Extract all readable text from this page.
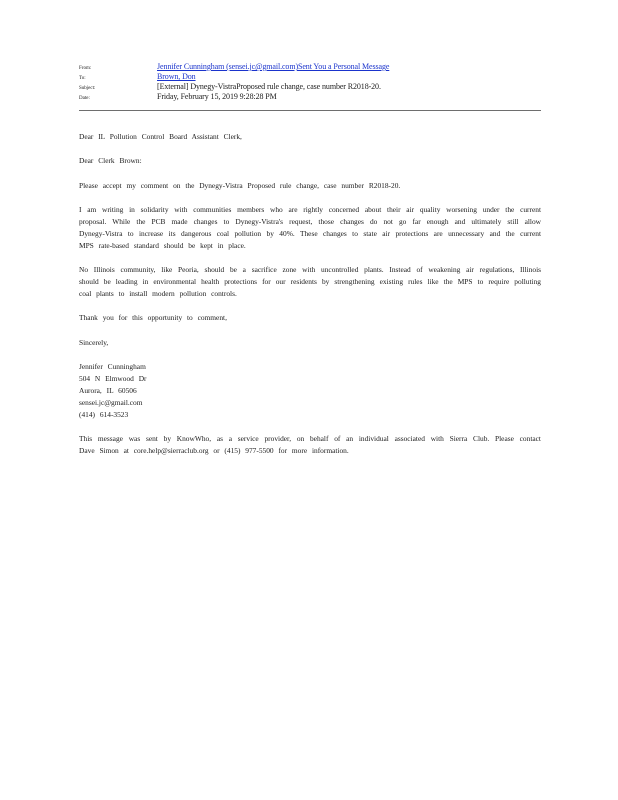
From:	Jennifer Cunningham (sensei.jc@gmail.com)Sent You a Personal Message
To:	Brown, Don
Subject:	[External] Dynegy-VistraProposed rule change, case number R2018-20.
Date:	Friday, February 15, 2019 9:28:28 PM

Dear IL Pollution Control Board Assistant Clerk,

Dear Clerk Brown:

Please accept my comment on the Dynegy-Vistra Proposed rule change, case number R2018-20.

I am writing in solidarity with communities members who are rightly concerned about their air quality worsening under the current proposal. While the PCB made changes to Dynegy-Vistra's request, those changes do not go far enough and ultimately still allow Dynegy-Vistra to increase its dangerous coal pollution by 40%. These changes to state air protections are unnecessary and the current MPS rate-based standard should be kept in place.

No Illinois community, like Peoria, should be a sacrifice zone with uncontrolled plants. Instead of weakening air regulations, Illinois should be leading in environmental health protections for our residents by strengthening existing rules like the MPS to require polluting coal plants to install modern pollution controls.

Thank you for this opportunity to comment,

Sincerely,

Jennifer Cunningham
504 N Elmwood Dr
Aurora, IL 60506
sensei.jc@gmail.com
(414) 614-3523

This message was sent by KnowWho, as a service provider, on behalf of an individual associated with Sierra Club. Please contact Dave Simon at core.help@sierraclub.org or (415) 977-5500 for more information.
